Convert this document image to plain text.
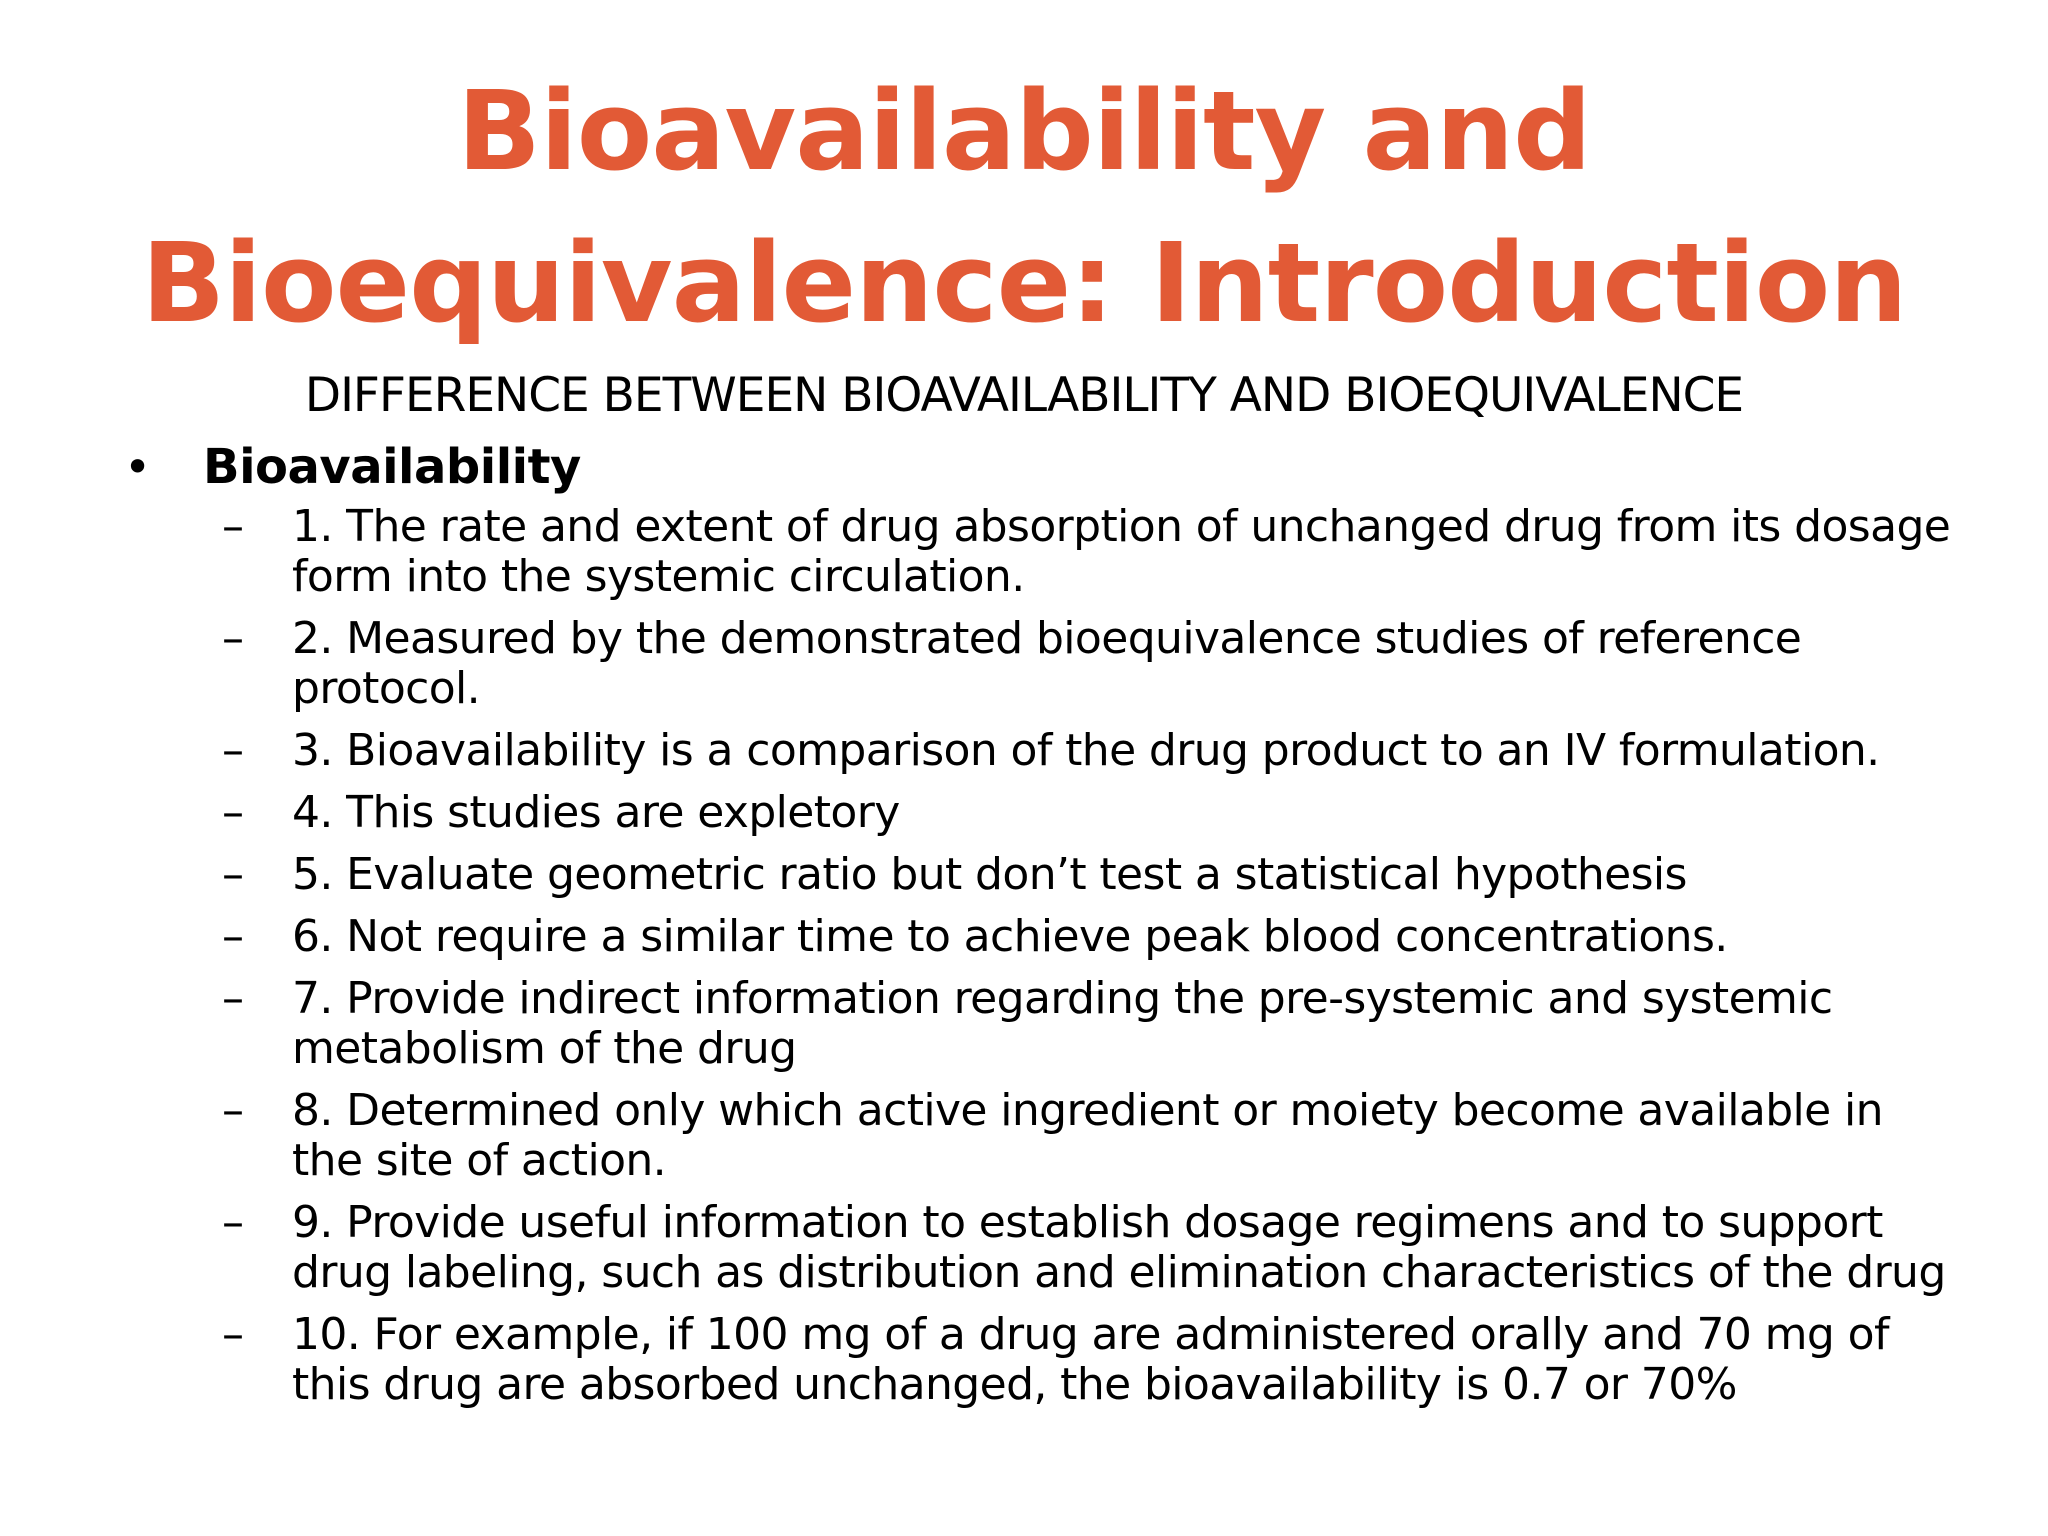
Bioavailability and
Bioequivalence: Introduction
DIFFERENCE BETWEEN BIOAVAILABILITY AND BIOEQUIVALENCE
• Bioavailability
– 1. The rate and extent of drug absorption of unchanged drug from its dosage form into the systemic circulation.
– 2. Measured by the demonstrated bioequivalence studies of reference protocol.
– 3. Bioavailability is a comparison of the drug product to an IV formulation.
– 4. This studies are expletory
– 5. Evaluate geometric ratio but don’t test a statistical hypothesis
– 6. Not require a similar time to achieve peak blood concentrations.
– 7. Provide indirect information regarding the pre-systemic and systemic metabolism of the drug
– 8. Determined only which active ingredient or moiety become available in the site of action.
– 9. Provide useful information to establish dosage regimens and to support drug labeling, such as distribution and elimination characteristics of the drug
– 10. For example, if 100 mg of a drug are administered orally and 70 mg of this drug are absorbed unchanged, the bioavailability is 0.7 or 70%
